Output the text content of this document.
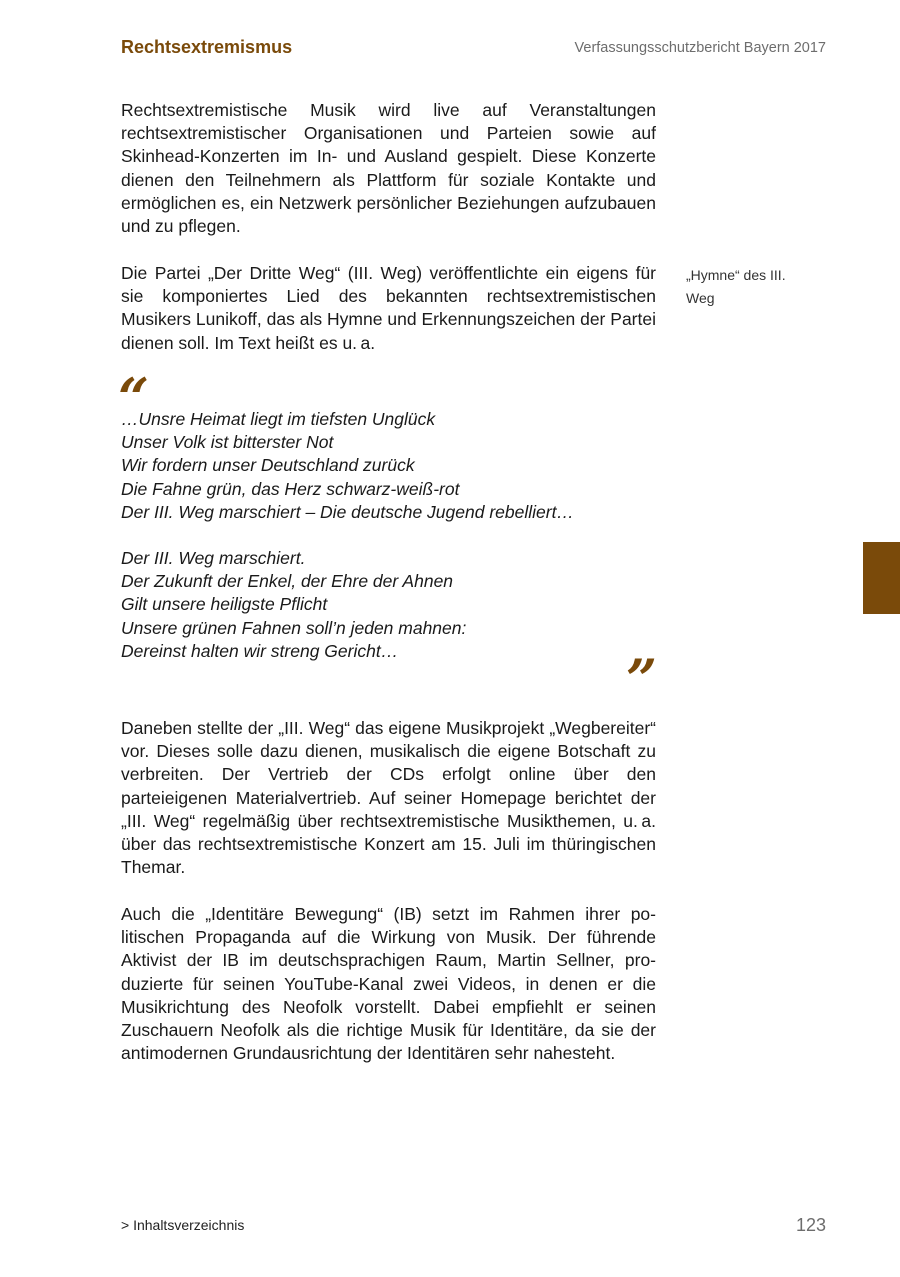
Rechtsextremismus	Verfassungsschutzbericht Bayern 2017

Rechtsextremistische Musik wird live auf Veranstaltungen rechtsextremistischer Organisationen und Parteien sowie auf Skinhead-Konzerten im In- und Ausland gespielt. Diese Konzerte dienen den Teilnehmern als Plattform für soziale Kontakte und ermöglichen es, ein Netzwerk persönlicher Beziehungen aufzubauen und zu pflegen.

Die Partei „Der Dritte Weg“ (III. Weg) veröffentlichte ein eigens für sie komponiertes Lied des bekannten rechtsextremistischen Musikers Lunikoff, das als Hymne und Erkennungszeichen der Partei dienen soll. Im Text heißt es u. a.

„Hymne“ des III. Weg
“
…Unsre Heimat liegt im tiefsten Unglück
Unser Volk ist bitterster Not
Wir fordern unser Deutschland zurück
Die Fahne grün, das Herz schwarz-weiß-rot
Der III. Weg marschiert – Die deutsche Jugend rebelliert…
Der III. Weg marschiert.
Der Zukunft der Enkel, der Ehre der Ahnen
Gilt unsere heiligste Pflicht
Unsere grünen Fahnen soll’n jeden mahnen:
Dereinst halten wir streng Gericht…	”

Daneben stellte der „III. Weg“ das eigene Musikprojekt „Wegbereiter“ vor. Dieses solle dazu dienen, musikalisch die eigene Botschaft zu verbreiten. Der Vertrieb der CDs erfolgt online über den parteieigenen Materialvertrieb. Auf seiner Homepage berichtet der „III. Weg“ regelmäßig über rechtsextremistische Musikthemen, u. a. über das rechtsextremistische Konzert am 15. Juli im thüringischen Themar.

Auch die „Identitäre Bewegung“ (IB) setzt im Rahmen ihrer politischen Propaganda auf die Wirkung von Musik. Der führende Aktivist der IB im deutschsprachigen Raum, Martin Sellner, produzierte für seinen YouTube-Kanal zwei Videos, in denen er die Musikrichtung des Neofolk vorstellt. Dabei empfiehlt er seinen Zuschauern Neofolk als die richtige Musik für Identitäre, da sie der antimodernen Grundausrichtung der Identitären sehr nahesteht.

> Inhaltsverzeichnis	123
